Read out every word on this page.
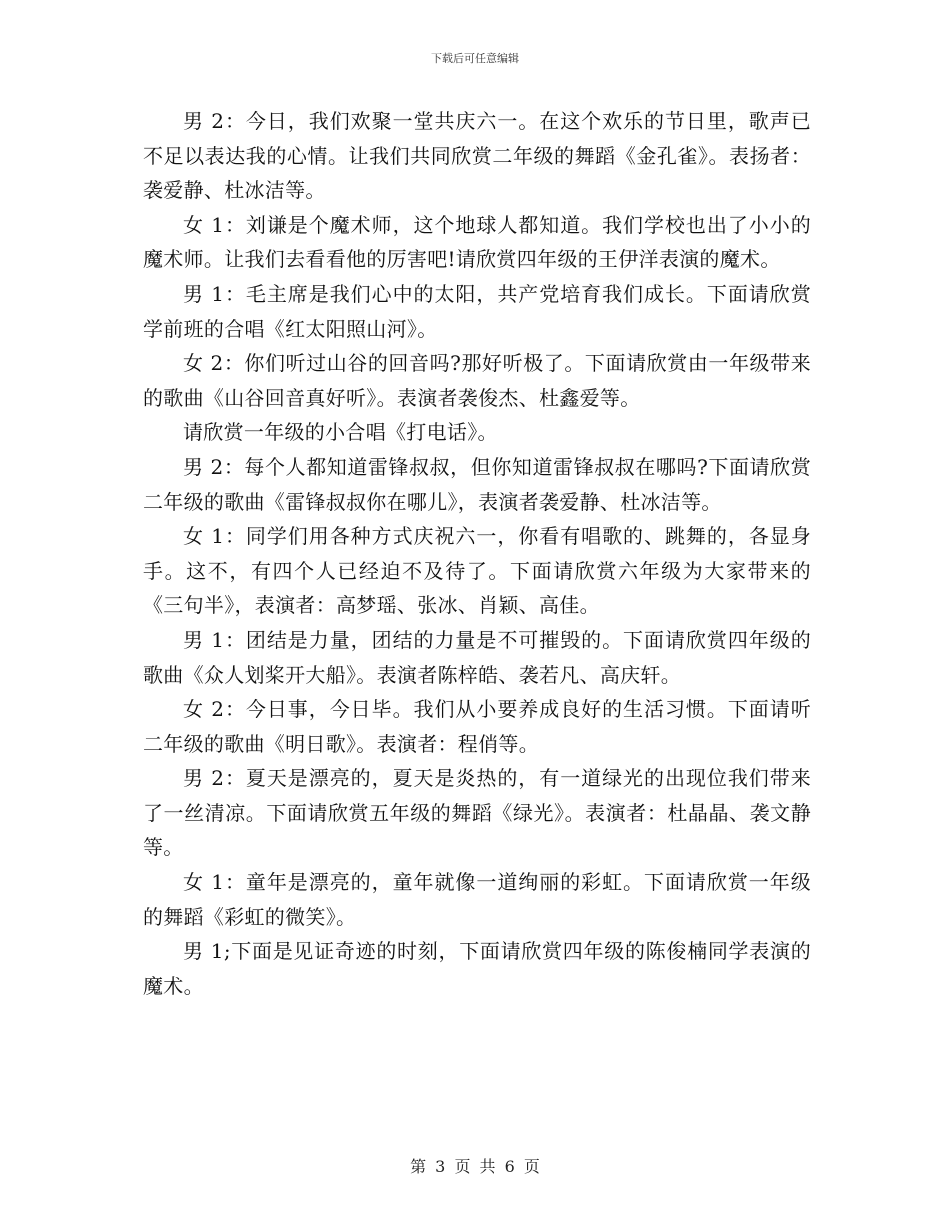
下载后可任意编辑

男 2：今日，我们欢聚一堂共庆六一。在这个欢乐的节日里，歌声已不足以表达我的心情。让我们共同欣赏二年级的舞蹈《金孔雀》。表扬者：袭爱静、杜冰洁等。

女 1：刘谦是个魔术师，这个地球人都知道。我们学校也出了小小的魔术师。让我们去看看他的厉害吧!请欣赏四年级的王伊洋表演的魔术。

男 1：毛主席是我们心中的太阳，共产党培育我们成长。下面请欣赏学前班的合唱《红太阳照山河》。

女 2：你们听过山谷的回音吗?那好听极了。下面请欣赏由一年级带来的歌曲《山谷回音真好听》。表演者袭俊杰、杜鑫爱等。

请欣赏一年级的小合唱《打电话》。

男 2：每个人都知道雷锋叔叔，但你知道雷锋叔叔在哪吗?下面请欣赏二年级的歌曲《雷锋叔叔你在哪儿》，表演者袭爱静、杜冰洁等。

女 1：同学们用各种方式庆祝六一，你看有唱歌的、跳舞的，各显身手。这不，有四个人已经迫不及待了。下面请欣赏六年级为大家带来的《三句半》，表演者：高梦瑶、张冰、肖颖、高佳。

男 1：团结是力量，团结的力量是不可摧毁的。下面请欣赏四年级的歌曲《众人划桨开大船》。表演者陈梓皓、袭若凡、高庆轩。

女 2：今日事，今日毕。我们从小要养成良好的生活习惯。下面请听二年级的歌曲《明日歌》。表演者：程俏等。

男 2：夏天是漂亮的，夏天是炎热的，有一道绿光的出现位我们带来了一丝清凉。下面请欣赏五年级的舞蹈《绿光》。表演者：杜晶晶、袭文静等。

女 1：童年是漂亮的，童年就像一道绚丽的彩虹。下面请欣赏一年级的舞蹈《彩虹的微笑》。

男 1;下面是见证奇迹的时刻，下面请欣赏四年级的陈俊楠同学表演的魔术。

第 3 页 共 6 页
